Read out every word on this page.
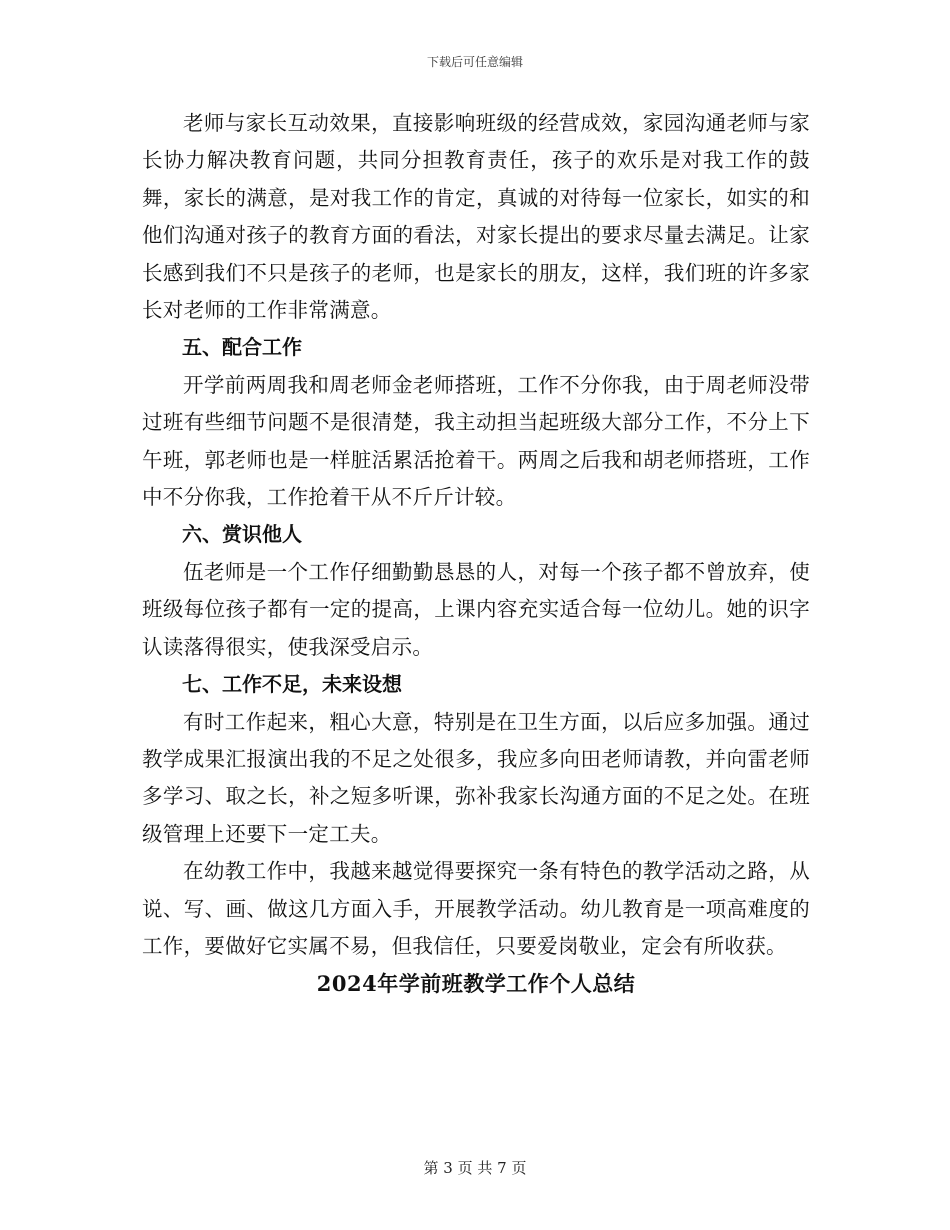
下载后可任意编辑

老师与家长互动效果，直接影响班级的经营成效，家园沟通老师与家长协力解决教育问题，共同分担教育责任，孩子的欢乐是对我工作的鼓舞，家长的满意，是对我工作的肯定，真诚的对待每一位家长，如实的和他们沟通对孩子的教育方面的看法，对家长提出的要求尽量去满足。让家长感到我们不只是孩子的老师，也是家长的朋友，这样，我们班的许多家长对老师的工作非常满意。

五、配合工作

开学前两周我和周老师金老师搭班，工作不分你我，由于周老师没带过班有些细节问题不是很清楚，我主动担当起班级大部分工作，不分上下午班，郭老师也是一样脏活累活抢着干。两周之后我和胡老师搭班，工作中不分你我，工作抢着干从不斤斤计较。

六、赏识他人

伍老师是一个工作仔细勤勤恳恳的人，对每一个孩子都不曾放弃，使班级每位孩子都有一定的提高，上课内容充实适合每一位幼儿。她的识字认读落得很实，使我深受启示。

七、工作不足，未来设想

有时工作起来，粗心大意，特别是在卫生方面，以后应多加强。通过教学成果汇报演出我的不足之处很多，我应多向田老师请教，并向雷老师多学习、取之长，补之短多听课，弥补我家长沟通方面的不足之处。在班级管理上还要下一定工夫。

在幼教工作中，我越来越觉得要探究一条有特色的教学活动之路，从说、写、画、做这几方面入手，开展教学活动。幼儿教育是一项高难度的工作，要做好它实属不易，但我信任，只要爱岗敬业，定会有所收获。

2024年学前班教学工作个人总结

第 3 页 共 7 页
